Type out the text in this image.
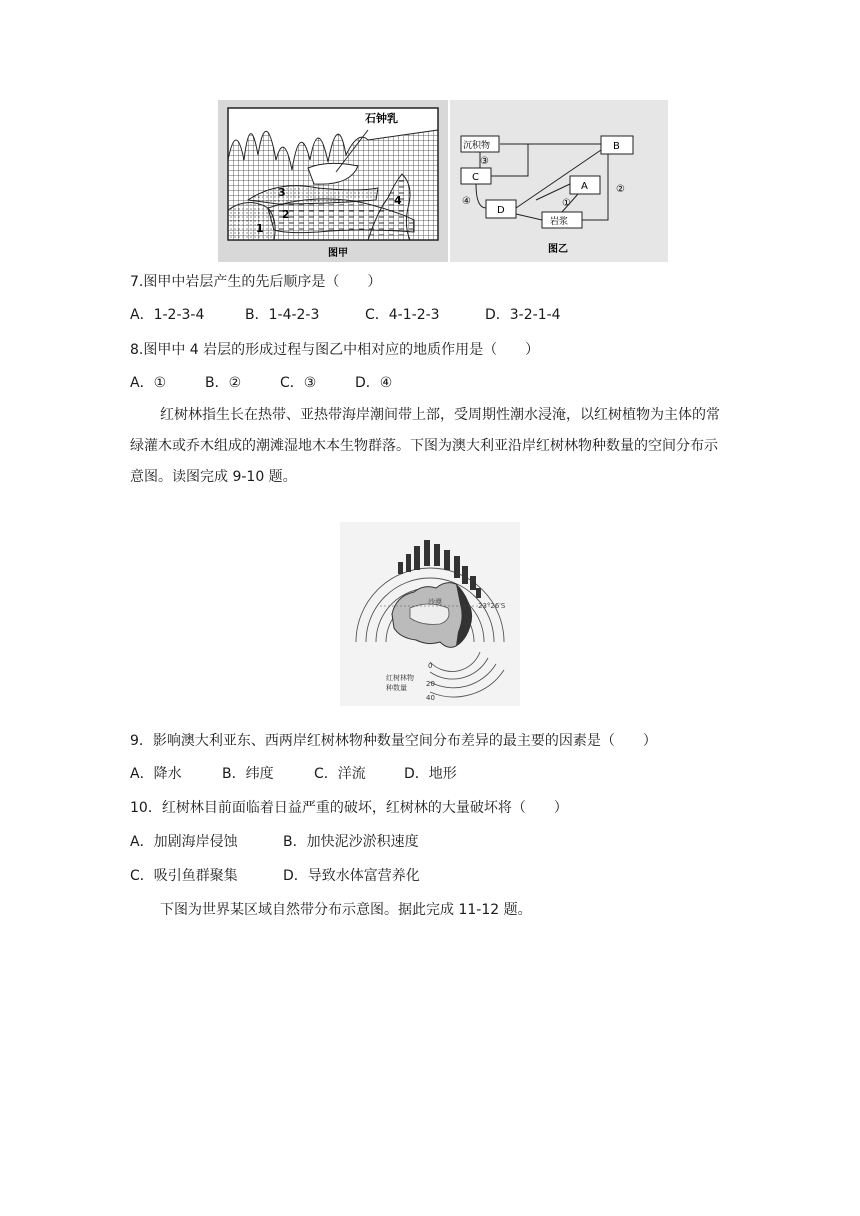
石钟乳
1
2
3
4
图甲
沉积物
C
D
岩浆
A
B
③
④	①
②
图乙
7.图甲中岩层产生的先后顺序是（　　）
A．1-2-3-4	B．1-4-2-3	C．4-1-2-3	D．3-2-1-4
8.图甲中 4 岩层的形成过程与图乙中相对应的地质作用是（　　）
A．①	B．②	C．③	D．④
红树林指生长在热带、亚热带海岸潮间带上部，受周期性潮水浸淹，以红树植物为主体的常绿灌木或乔木组成的潮滩湿地木本生物群落。下图为澳大利亚沿岸红树林物种数量的空间分布示意图。读图完成 9-10 题。
沙漠	23°26′S
0
20
40
红树林物
种数量
9．影响澳大利亚东、西两岸红树林物种数量空间分布差异的最主要的因素是（　　）
A．降水	B．纬度	C．洋流	D．地形
10．红树林目前面临着日益严重的破坏，红树林的大量破坏将（　　）
A．加剧海岸侵蚀	B．加快泥沙淤积速度
C．吸引鱼群聚集	D．导致水体富营养化
下图为世界某区域自然带分布示意图。据此完成 11-12 题。
